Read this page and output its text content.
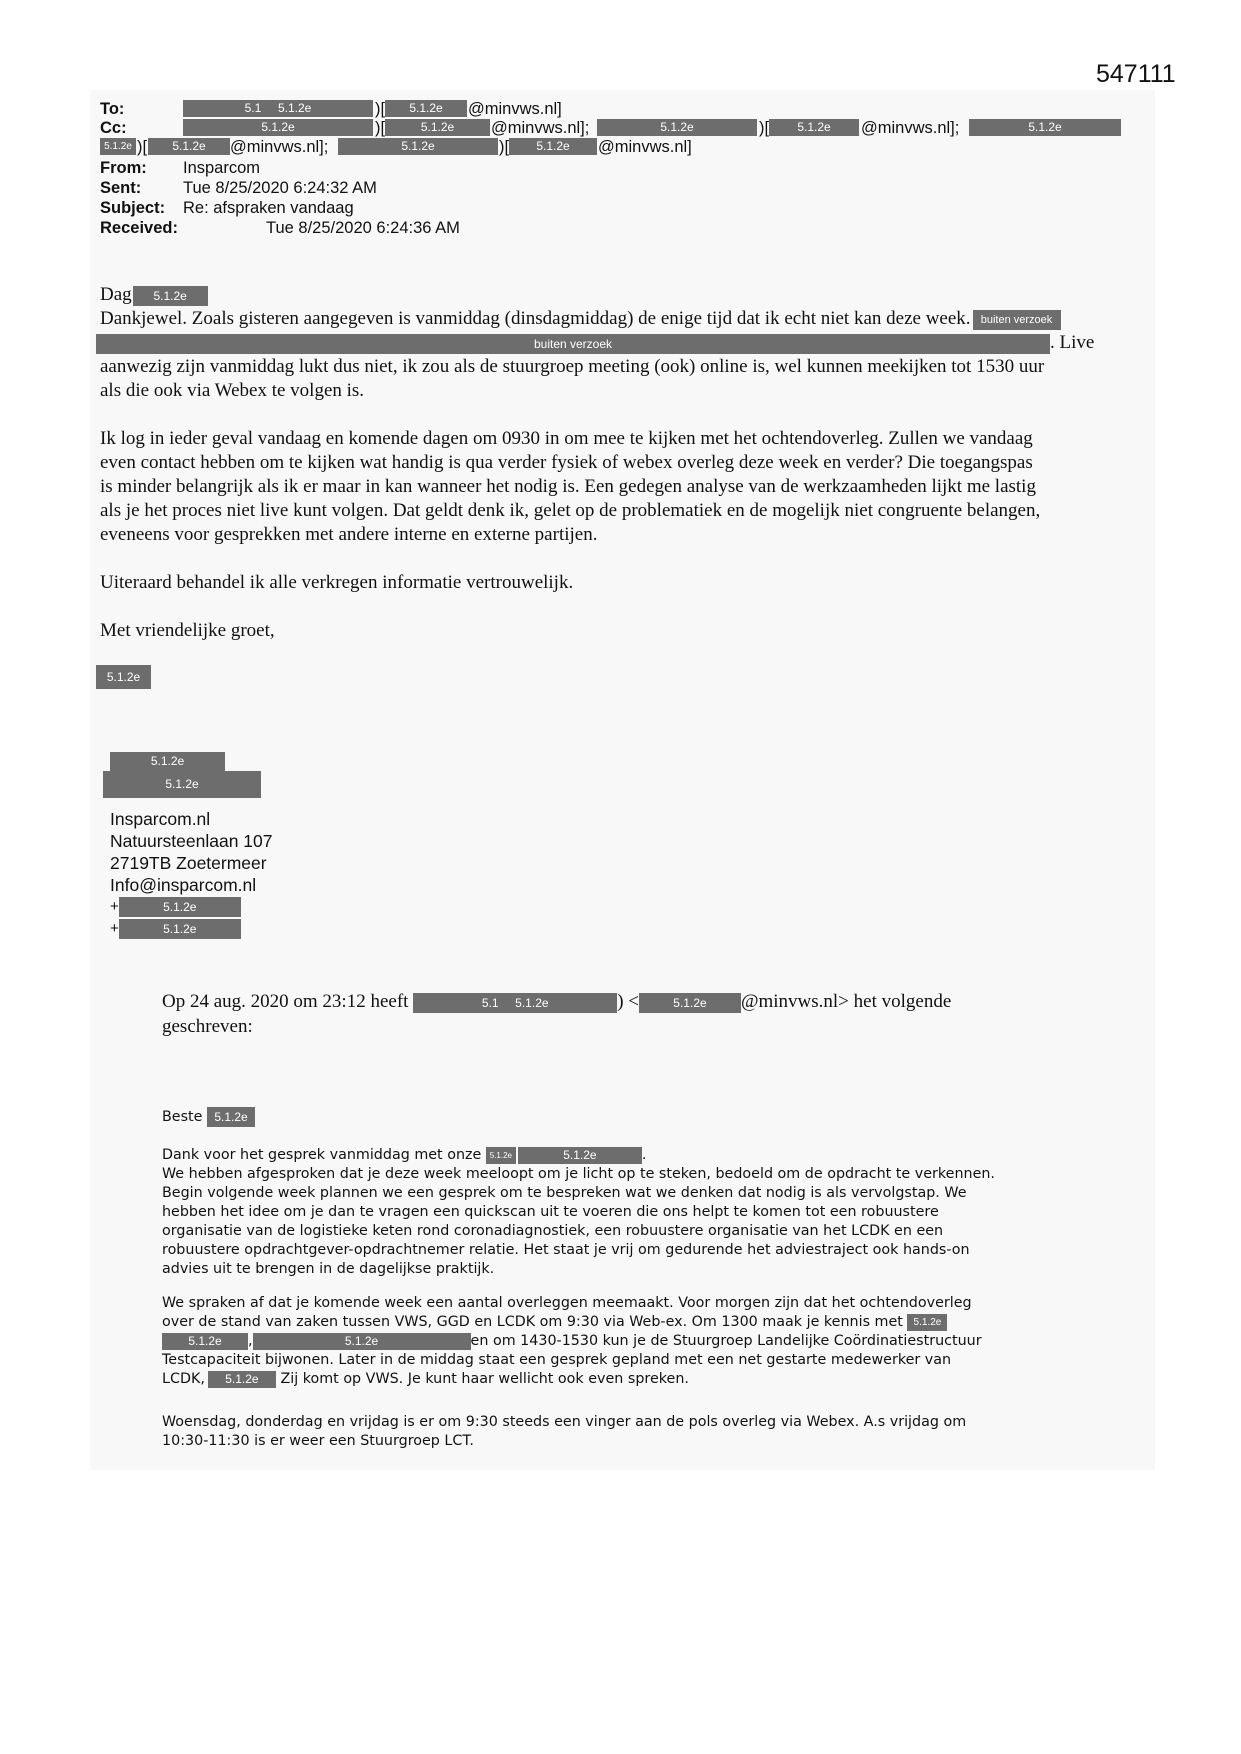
547111
To:	5.1 5.1.2e	)[	5.1.2e	@minvws.nl]
Cc:	5.1.2e	)[	5.1.2e	@minvws.nl];	5.1.2e	)[	5.1.2e	@minvws.nl];	5.1.2e
5.1.2e )[	5.1.2e	@minvws.nl];	5.1.2e	)[	5.1.2e	@minvws.nl]
From: Insparcom
Sent:	Tue 8/25/2020 6:24:32 AM
Subject: Re: afspraken vandaag
Received:	Tue 8/25/2020 6:24:36 AM
Dag 5.1.2e
Dankjewel. Zoals gisteren aangegeven is vanmiddag (dinsdagmiddag) de enige tijd dat ik echt niet kan deze week. buiten verzoek
buiten verzoek	. Live
aanwezig zijn vanmiddag lukt dus niet, ik zou als de stuurgroep meeting (ook) online is, wel kunnen meekijken tot 1530 uur
als die ook via Webex te volgen is.
Ik log in ieder geval vandaag en komende dagen om 0930 in om mee te kijken met het ochtendoverleg. Zullen we vandaag
even contact hebben om te kijken wat handig is qua verder fysiek of webex overleg deze week en verder? Die toegangspas
is minder belangrijk als ik er maar in kan wanneer het nodig is. Een gedegen analyse van de werkzaamheden lijkt me lastig
als je het proces niet live kunt volgen. Dat geldt denk ik, gelet op de problematiek en de mogelijk niet congruente belangen,
eveneens voor gesprekken met andere interne en externe partijen.
Uiteraard behandel ik alle verkregen informatie vertrouwelijk.
Met vriendelijke groet,
5.1.2e
5.1.2e
5.1.2e
Insparcom.nl
Natuursteenlaan 107
2719TB Zoetermeer
Info@insparcom.nl
+	5.1.2e
+	5.1.2e
Op 24 aug. 2020 om 23:12 heeft	5.1 5.1.2e	) <	5.1.2e @minvws.nl> het volgende
geschreven:
Beste 5.1.2e
Dank voor het gesprek vanmiddag met onze 5.1.2e	5.1.2e	.
We hebben afgesproken dat je deze week meeloopt om je licht op te steken, bedoeld om de opdracht te verkennen.
Begin volgende week plannen we een gesprek om te bespreken wat we denken dat nodig is als vervolgstap. We
hebben het idee om je dan te vragen een quickscan uit te voeren die ons helpt te komen tot een robuustere
organisatie van de logistieke keten rond coronadiagnostiek, een robuustere organisatie van het LCDK en een
robuustere opdrachtgever-opdrachtnemer relatie. Het staat je vrij om gedurende het adviestraject ook hands-on
advies uit te brengen in de dagelijkse praktijk.
We spraken af dat je komende week een aantal overleggen meemaakt. Voor morgen zijn dat het ochtendoverleg
over de stand van zaken tussen VWS, GGD en LCDK om 9:30 via Web-ex. Om 1300 maak je kennis met 5.1.2e
5.1.2e ,	5.1.2e	en om 1430-1530 kun je de Stuurgroep Landelijke Coördinatiestructuur
Testcapaciteit bijwonen. Later in de middag staat een gesprek gepland met een net gestarte medewerker van
LCDK, 5.1.2e Zij komt op VWS. Je kunt haar wellicht ook even spreken.
Woensdag, donderdag en vrijdag is er om 9:30 steeds een vinger aan de pols overleg via Webex. A.s vrijdag om
10:30-11:30 is er weer een Stuurgroep LCT.
